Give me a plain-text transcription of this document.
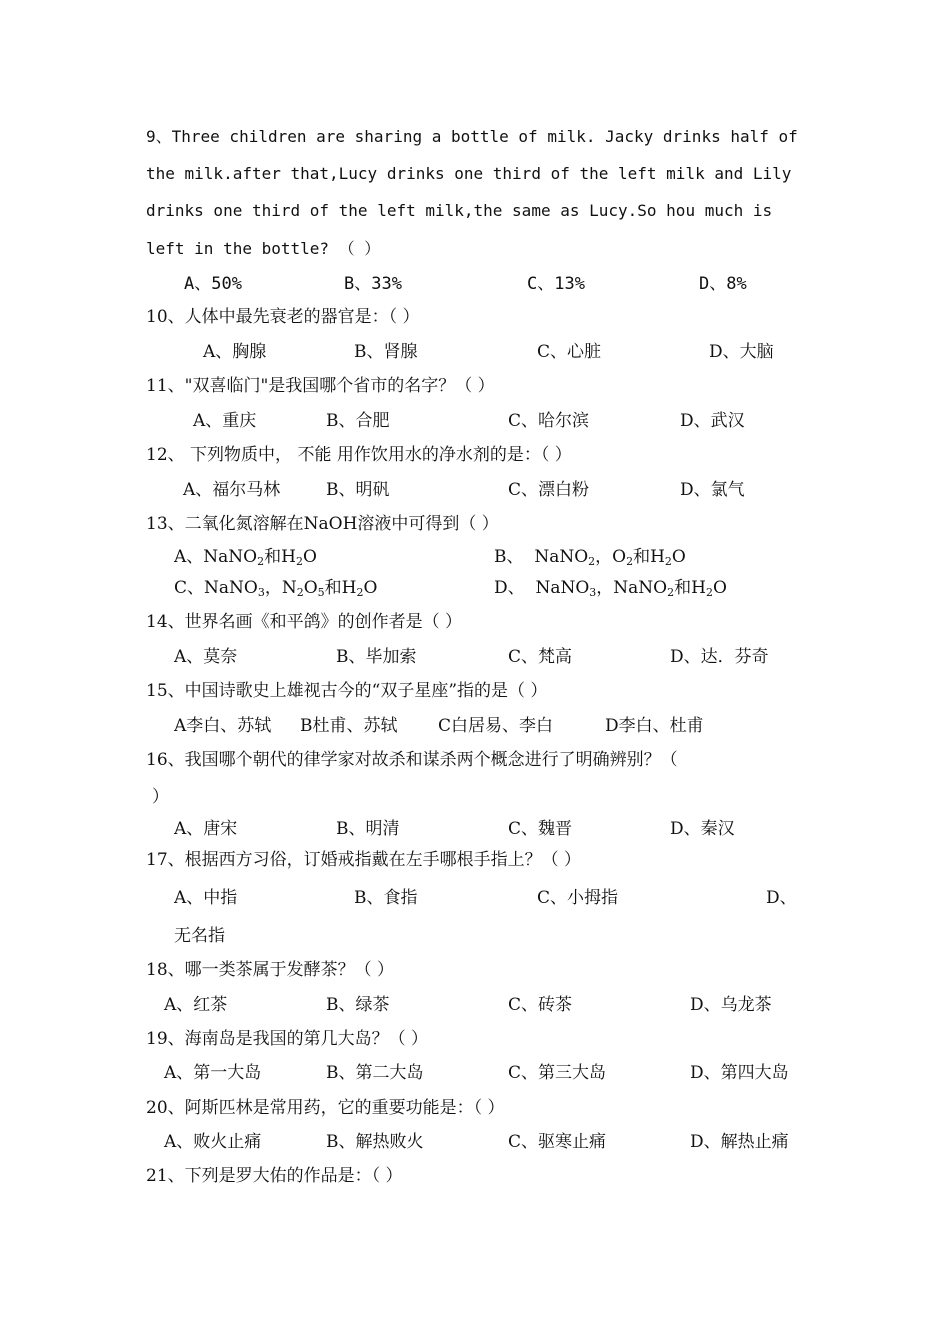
9、Three children are sharing a bottle of milk. Jacky drinks half of
the milk.after that,Lucy drinks one third of the left milk and Lily
drinks one third of the left milk,the same as Lucy.So hou much is
left in the bottle? （ ）
A、50%	B、33%	C、13%	D、8%
10、人体中最先衰老的器官是：（ ）
A、胸腺	B、肾腺	C、心脏	D、大脑
11、"双喜临门"是我国哪个省市的名字？（ ）
A、重庆	B、合肥	C、哈尔滨	D、武汉
12、 下列物质中， 不能 用作饮用水的净水剂的是：（ ）
A、福尔马林	B、明矾	C、漂白粉	D、氯气
13、二氧化氮溶解在NaOH溶液中可得到（ ）
A、NaNO$_2$和$H_2O$	B、 NaNO$_2$，$O_2$和$H_2O$
C、NaNO$_3$，$N_2O_5$和$H_2O$	D、 NaNO$_3$，NaNO$_2$和$H_2O$
14、世界名画《和平鸽》的创作者是（ ）
A、莫奈	B、毕加索	C、梵高	D、达．芬奇
15、中国诗歌史上雄视古今的“双子星座”指的是（ ）
A李白、苏轼 B杜甫、苏轼 C白居易、李白	D李白、杜甫
16、我国哪个朝代的律学家对故杀和谋杀两个概念进行了明确辨别？（
）
A、唐宋	B、明清	C、魏晋	D、秦汉
17、根据西方习俗，订婚戒指戴在左手哪根手指上？（ ）
A、中指	B、食指	C、小拇指	D、
无名指
18、哪一类茶属于发酵茶？（ ）
A、红茶	B、绿茶	C、砖茶	D、乌龙茶
19、海南岛是我国的第几大岛？（ ）
A、第一大岛	B、第二大岛	C、第三大岛	D、第四大岛
20、阿斯匹林是常用药，它的重要功能是：（ ）
A、败火止痛	B、解热败火	C、驱寒止痛	D、解热止痛
21、下列是罗大佑的作品是：（ ）
